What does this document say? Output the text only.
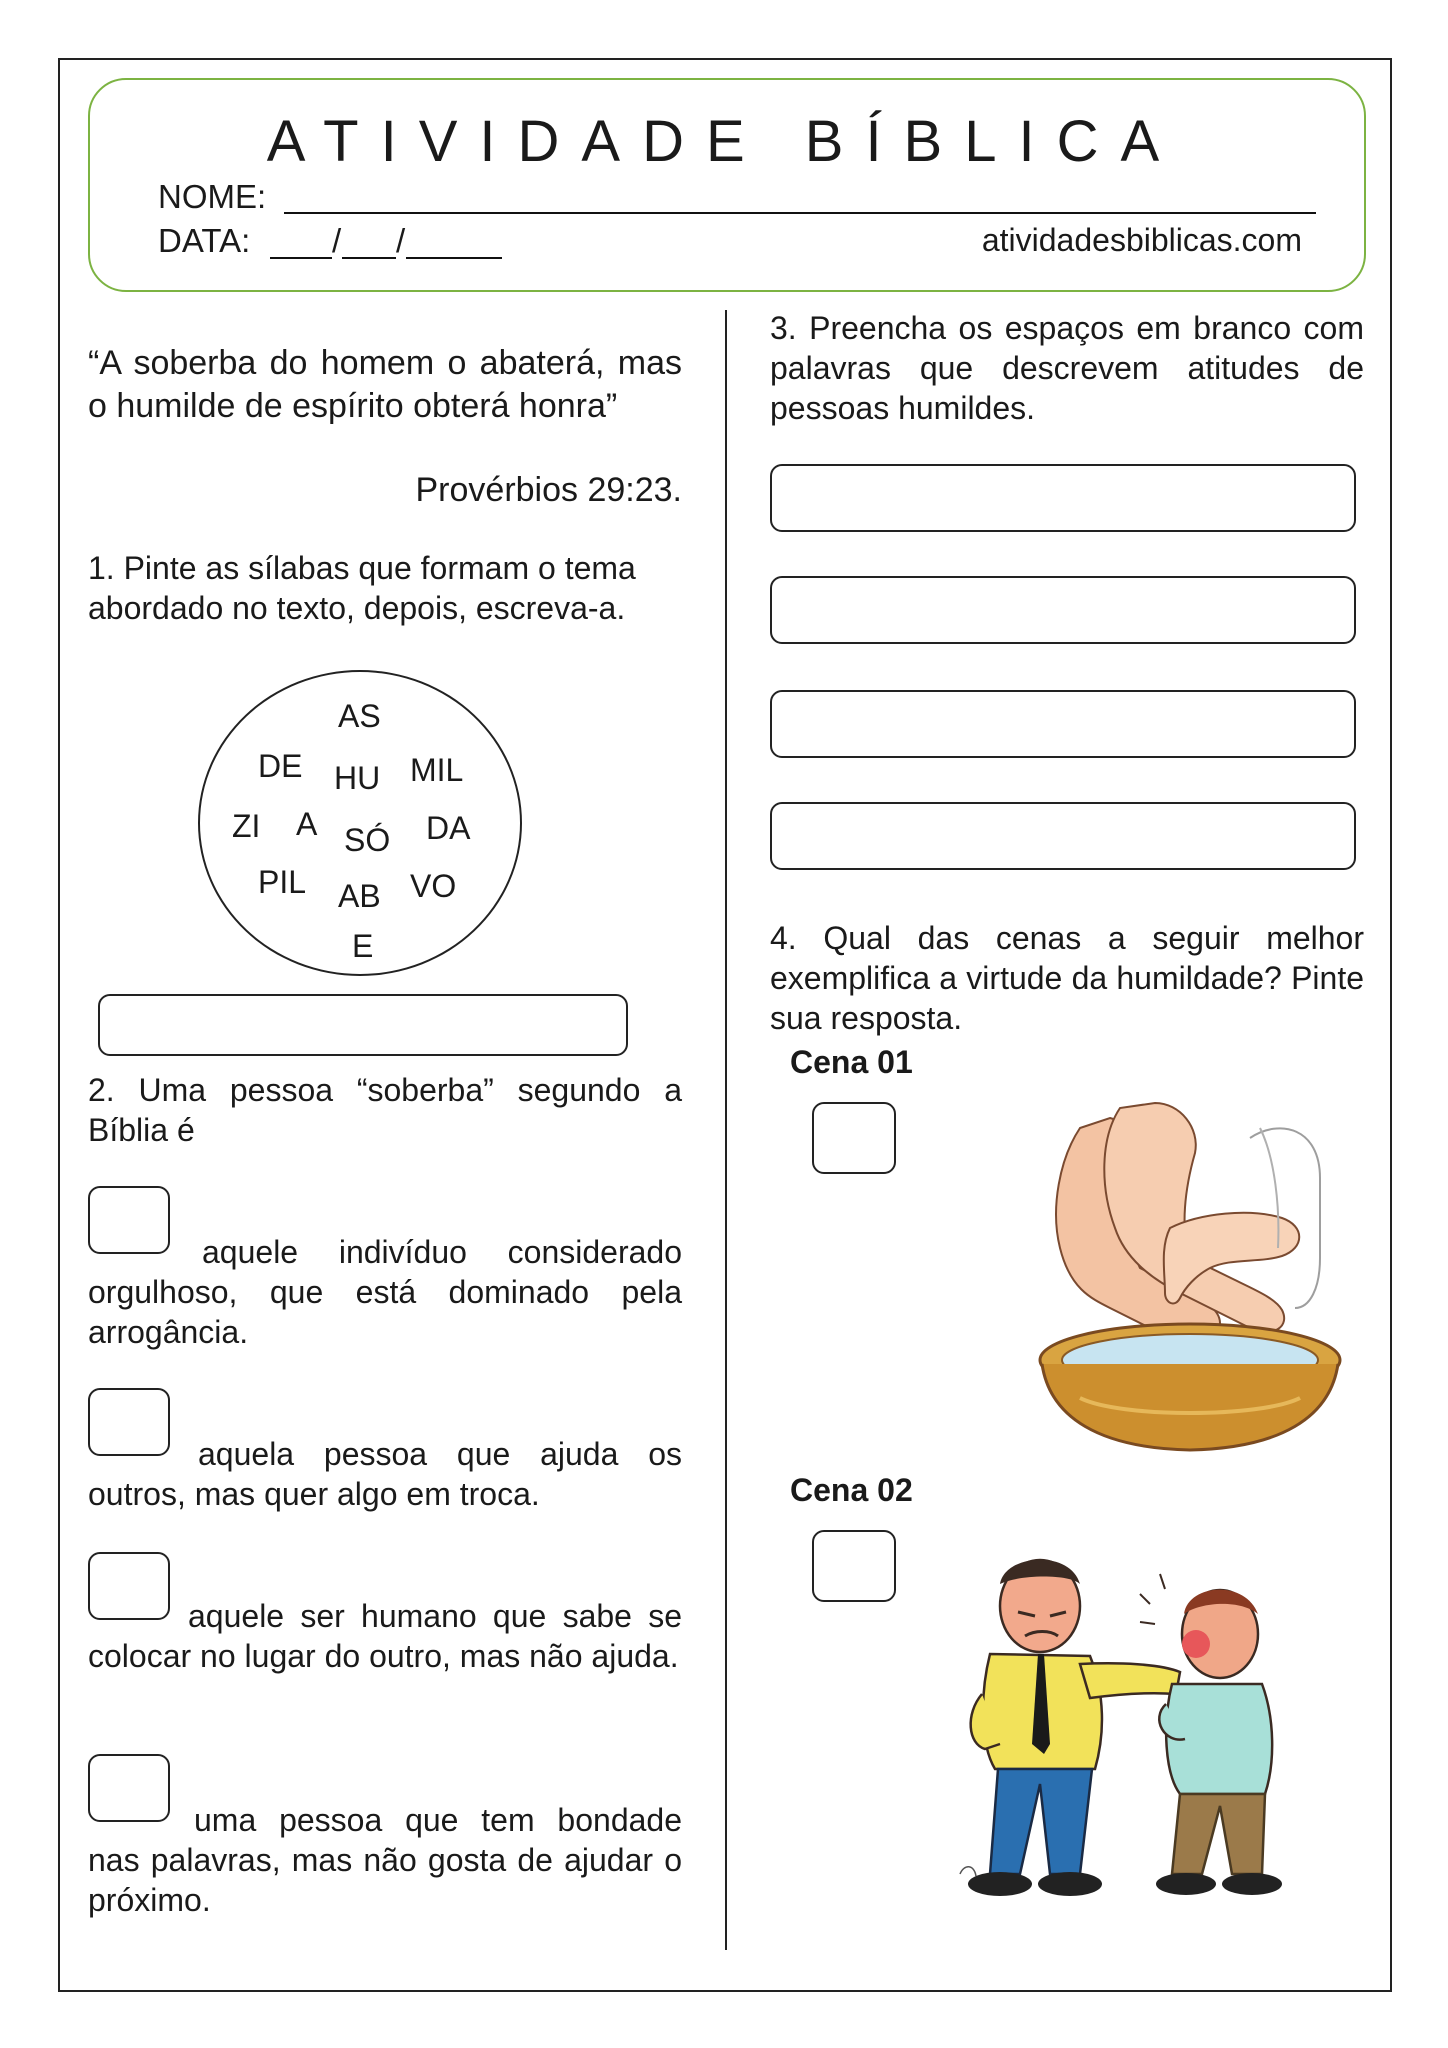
ATIVIDADE BÍBLICA
NOME:
DATA: / /	atividadesbiblicas.com
“A soberba do homem o abaterá, mas o humilde de espírito obterá honra”
Provérbios 29:23.
1. Pinte as sílabas que formam o tema abordado no texto, depois, escreva-a.
AS
DE HU MIL
ZI A SÓ DA
PIL AB VO
E
2. Uma pessoa “soberba” segundo a Bíblia é
aquele indivíduo considerado orgulhoso, que está dominado pela arrogância.
aquela pessoa que ajuda os outros, mas quer algo em troca.
aquele ser humano que sabe se colocar no lugar do outro, mas não ajuda.
uma pessoa que tem bondade nas palavras, mas não gosta de ajudar o próximo.
3. Preencha os espaços em branco com palavras que descrevem atitudes de pessoas humildes.
4. Qual das cenas a seguir melhor exemplifica a virtude da humildade? Pinte sua resposta.
Cena 01
Cena 02
